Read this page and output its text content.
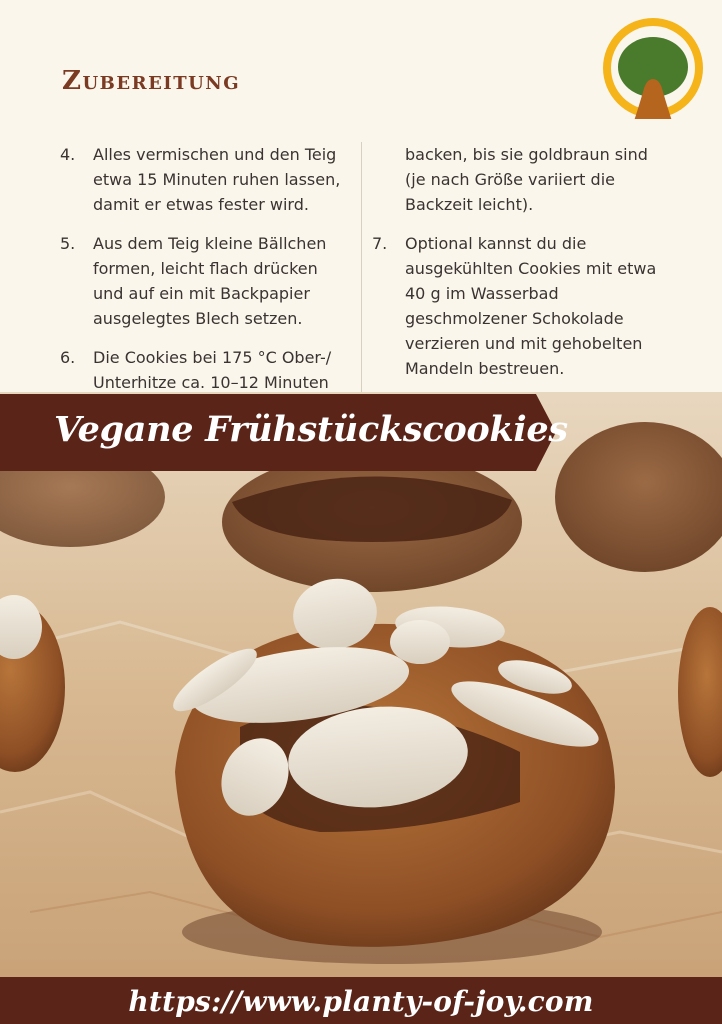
Zubereitung
4.	Alles vermischen und den Teig etwa 15 Minuten ruhen lassen, damit er etwas fester wird.
5.	Aus dem Teig kleine Bällchen formen, leicht flach drücken und auf ein mit Backpapier ausgelegtes Blech setzen.
6.	Die Cookies bei 175 °C Ober-/ Unterhitze ca. 10–12 Minuten
backen, bis sie goldbraun sind (je nach Größe variiert die Backzeit leicht).
7.	Optional kannst du die ausgekühlten Cookies mit etwa 40 g im Wasserbad geschmolzener Schokolade verzieren und mit gehobelten Mandeln bestreuen.
Vegane Frühstückscookies
https://www.planty-of-joy.com
